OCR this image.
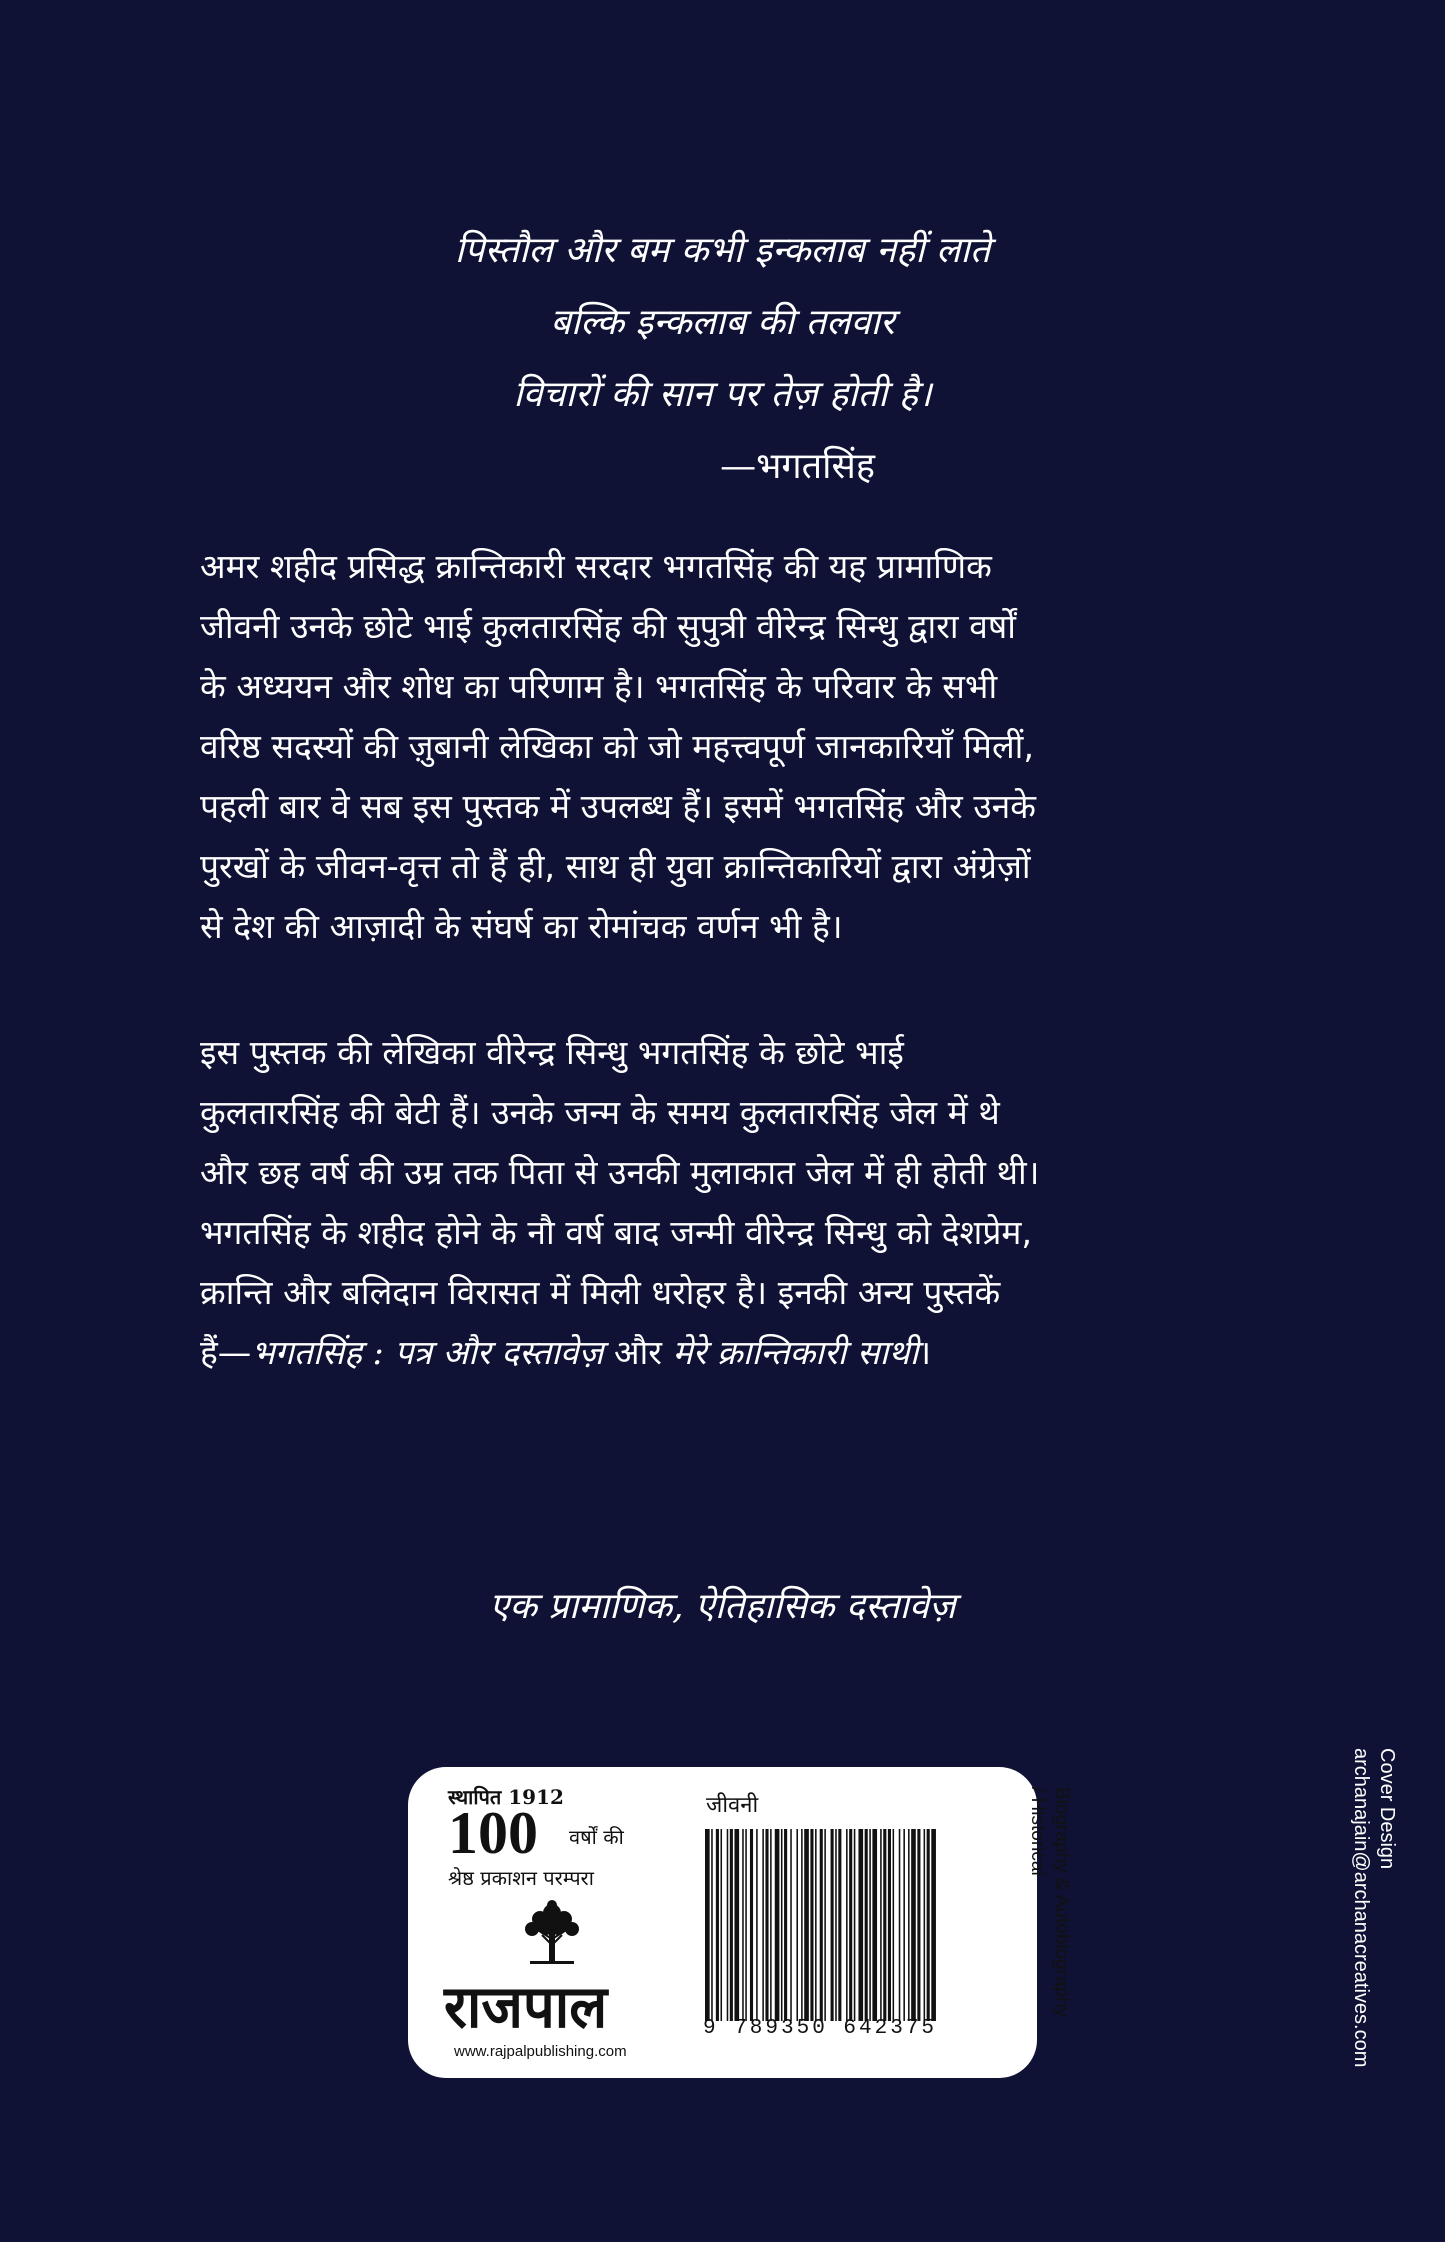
पिस्तौल और बम कभी इन्कलाब नहीं लाते
बल्कि इन्कलाब की तलवार
विचारों की सान पर तेज़ होती है।
—भगतसिंह
अमर शहीद प्रसिद्ध क्रान्तिकारी सरदार भगतसिंह की यह प्रामाणिक
जीवनी उनके छोटे भाई कुलतारसिंह की सुपुत्री वीरेन्द्र सिन्धु द्वारा वर्षों
के अध्ययन और शोध का परिणाम है। भगतसिंह के परिवार के सभी
वरिष्ठ सदस्यों की ज़ुबानी लेखिका को जो महत्त्वपूर्ण जानकारियाँ मिलीं,
पहली बार वे सब इस पुस्तक में उपलब्ध हैं। इसमें भगतसिंह और उनके
पुरखों के जीवन-वृत्त तो हैं ही, साथ ही युवा क्रान्तिकारियों द्वारा अंग्रेज़ों
से देश की आज़ादी के संघर्ष का रोमांचक वर्णन भी है।
इस पुस्तक की लेखिका वीरेन्द्र सिन्धु भगतसिंह के छोटे भाई
कुलतारसिंह की बेटी हैं। उनके जन्म के समय कुलतारसिंह जेल में थे
और छह वर्ष की उम्र तक पिता से उनकी मुलाकात जेल में ही होती थी।
भगतसिंह के शहीद होने के नौ वर्ष बाद जन्मी वीरेन्द्र सिन्धु को देशप्रेम,
क्रान्ति और बलिदान विरासत में मिली धरोहर है। इनकी अन्य पुस्तकें
हैं—भगतसिंह : पत्र और दस्तावेज़ और मेरे क्रान्तिकारी साथी।
एक प्रामाणिक, ऐतिहासिक दस्तावेज़
स्थापित 1912
100 वर्षों की
श्रेष्ठ प्रकाशन परम्परा
राजपाल
www.rajpalpublishing.com
जीवनी
9 789350 642375
Biography & Autobiography
/ Historical	Cover Design
archanajain@archanacreatives.com
